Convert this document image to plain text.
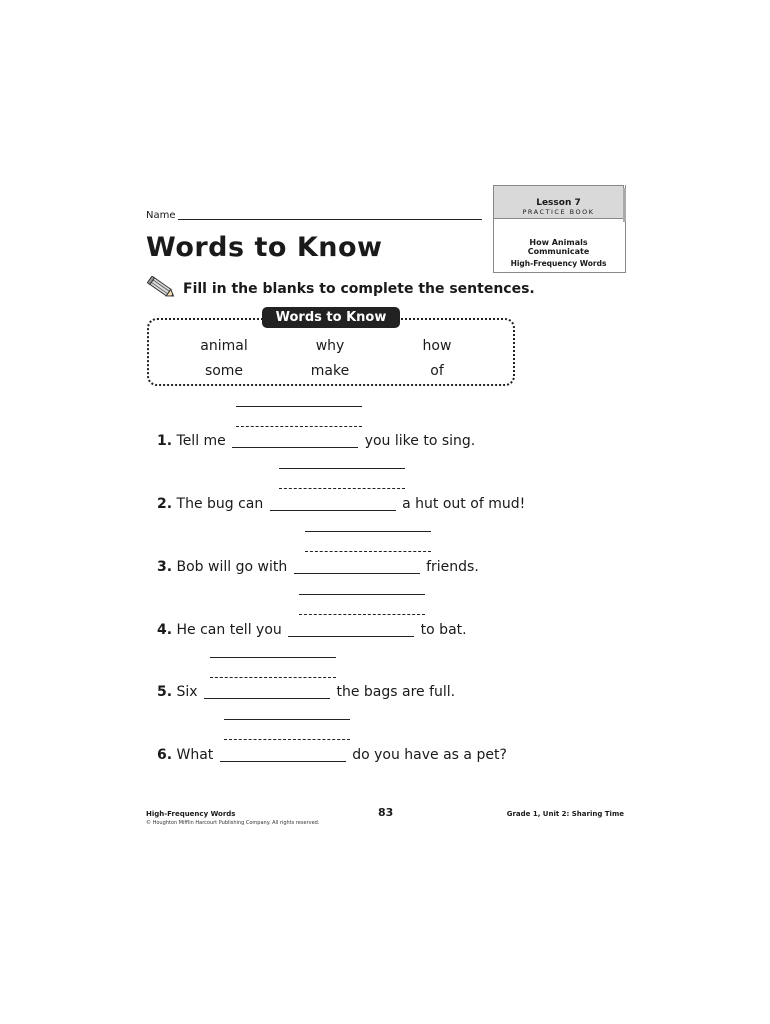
Name
Lesson 7
PRACTICE BOOK
How Animals
Communicate
High-Frequency Words
Words to Know
Fill in the blanks to complete the sentences.
Words to Know
animal	why	how
some	make	of
1. Tell me	you like to sing.
2. The bug can	a hut out of mud!
3. Bob will go with	friends.
4. He can tell you	to bat.
5. Six	the bags are full.
6. What	do you have as a pet?
High-Frequency Words
© Houghton Mifflin Harcourt Publishing Company. All rights reserved.
83	Grade 1, Unit 2: Sharing Time
